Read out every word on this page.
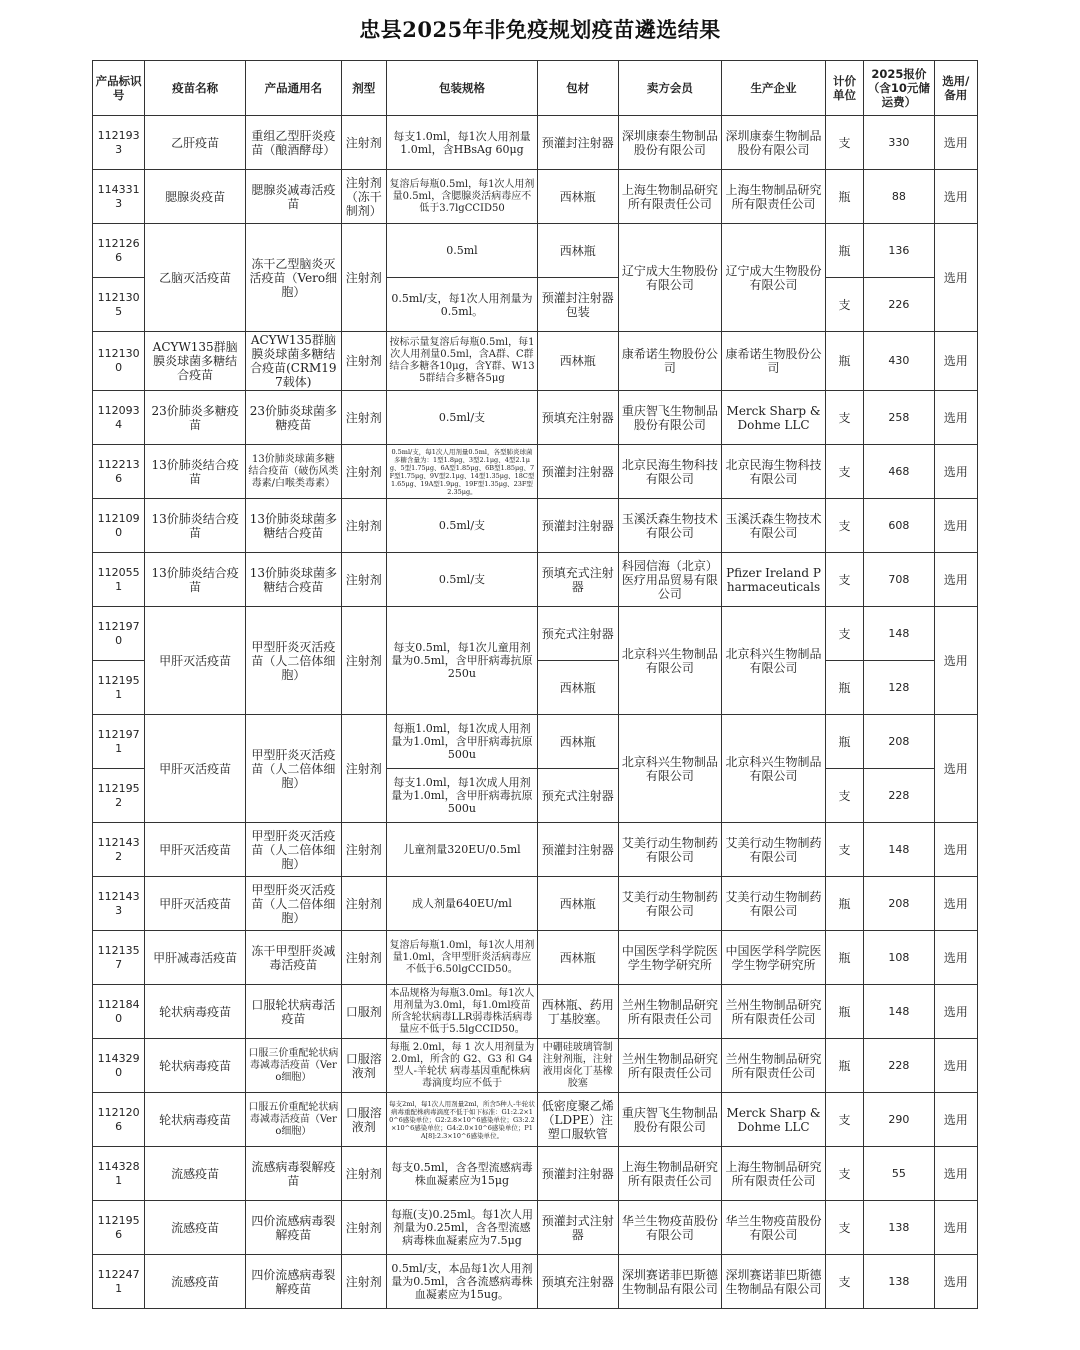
忠县2025年非免疫规划疫苗遴选结果
产品标识号	疫苗名称	产品通用名	剂型	包装规格	包材	卖方会员	生产企业	计价单位	2025报价（含10元储运费）	选用/备用
1121933	乙肝疫苗	重组乙型肝炎疫苗（酿酒酵母）	注射剂	每支1.0ml，每1次人用剂量1.0ml，含HBsAg 60μg	预灌封注射器	深圳康泰生物制品股份有限公司	深圳康泰生物制品股份有限公司	支	330	选用
1143313	腮腺炎疫苗	腮腺炎减毒活疫苗	注射剂（冻干制剂）	复溶后每瓶0.5ml，每1次人用剂量0.5ml，含腮腺炎活病毒应不低于3.7lgCCID50	西林瓶	上海生物制品研究所有限责任公司	上海生物制品研究所有限责任公司	瓶	88	选用
1121266	乙脑灭活疫苗	冻干乙型脑炎灭活疫苗（Vero细胞）	注射剂	0.5ml	西林瓶	辽宁成大生物股份有限公司	辽宁成大生物股份有限公司	瓶	136	选用
1121305				0.5ml/支，每1次人用剂量为0.5ml。	预灌封注射器包装			支	226	
1121300	ACYW135群脑膜炎球菌多糖结合疫苗	ACYW135群脑膜炎球菌多糖结合疫苗(CRM197载体)	注射剂	按标示量复溶后每瓶0.5ml，每1次人用剂量0.5ml，含A群、C群结合多糖各10μg，含Y群、W135群结合多糖各5μg	西林瓶	康希诺生物股份公司	康希诺生物股份公司	瓶	430	选用
1120934	23价肺炎多糖疫苗	23价肺炎球菌多糖疫苗	注射剂	0.5ml/支	预填充注射器	重庆智飞生物制品股份有限公司	Merck Sharp & Dohme LLC	支	258	选用
1122136	13价肺炎结合疫苗	13价肺炎球菌多糖结合疫苗（破伤风类毒素/白喉类毒素）	注射剂	0.5ml/支，每1次人用剂量0.5ml，各型肺炎球菌多糖含量为：1型1.8μg、3型2.1μg、4型2.1μg、5型1.75μg、6A型1.85μg、6B型1.85μg、7F型1.75μg、9V型2.1μg、14型1.35μg、18C型1.65μg、19A型1.9μg、19F型1.35μg、23F型2.35μg。	预灌封注射器	北京民海生物科技有限公司	北京民海生物科技有限公司	支	468	选用
1121090	13价肺炎结合疫苗	13价肺炎球菌多糖结合疫苗	注射剂	0.5ml/支	预灌封注射器	玉溪沃森生物技术有限公司	玉溪沃森生物技术有限公司	支	608	选用
1120551	13价肺炎结合疫苗	13价肺炎球菌多糖结合疫苗	注射剂	0.5ml/支	预填充式注射器	科园信海（北京）医疗用品贸易有限公司	Pfizer Ireland Pharmaceuticals	支	708	选用
1121970	甲肝灭活疫苗	甲型肝炎灭活疫苗（人二倍体细胞）	注射剂	每支0.5ml，每1次儿童用剂量为0.5ml，含甲肝病毒抗原250u	预充式注射器	北京科兴生物制品有限公司	北京科兴生物制品有限公司	支	148	选用
1121951					西林瓶			瓶	128	
1121971	甲肝灭活疫苗	甲型肝炎灭活疫苗（人二倍体细胞）	注射剂	每瓶1.0ml，每1次成人用剂量为1.0ml，含甲肝病毒抗原500u	西林瓶	北京科兴生物制品有限公司	北京科兴生物制品有限公司	瓶	208	选用
1121952				每支1.0ml，每1次成人用剂量为1.0ml，含甲肝病毒抗原500u	预充式注射器			支	228	
1121432	甲肝灭活疫苗	甲型肝炎灭活疫苗（人二倍体细胞）	注射剂	儿童剂量320EU/0.5ml	预灌封注射器	艾美行动生物制药有限公司	艾美行动生物制药有限公司	支	148	选用
1121433	甲肝灭活疫苗	甲型肝炎灭活疫苗（人二倍体细胞）	注射剂	成人剂量640EU/ml	西林瓶	艾美行动生物制药有限公司	艾美行动生物制药有限公司	瓶	208	选用
1121357	甲肝减毒活疫苗	冻干甲型肝炎减毒活疫苗	注射剂	复溶后每瓶1.0ml，每1次人用剂量1.0ml，含甲型肝炎活病毒应不低于6.50lgCCID50。	西林瓶	中国医学科学院医学生物学研究所	中国医学科学院医学生物学研究所	瓶	108	选用
1121840	轮状病毒疫苗	口服轮状病毒活疫苗	口服剂	本品规格为每瓶3.0ml。每1次人用剂量为3.0ml，每1.0ml疫苗所含轮状病毒LLR弱毒株活病毒量应不低于5.5lgCCID50。	西林瓶、药用丁基胶塞。	兰州生物制品研究所有限责任公司	兰州生物制品研究所有限责任公司	瓶	148	选用
1143290	轮状病毒疫苗	口服三价重配轮状病毒减毒活疫苗（Vero细胞）	口服溶液剂	每瓶 2.0ml，每 1 次人用剂量为 2.0ml，所含的 G2、G3 和 G4 型人-羊轮状 病毒基因重配株病毒滴度均应不低于	中硼硅玻璃管制注射剂瓶，注射液用卤化丁基橡胶塞	兰州生物制品研究所有限责任公司	兰州生物制品研究所有限责任公司	瓶	228	选用
1121206	轮状病毒疫苗	口服五价重配轮状病毒减毒活疫苗（Vero细胞）	口服溶液剂	每支2ml，每1次人用剂量2ml，所含5种人-牛轮状病毒重配株病毒滴度不低于如下标准：G1:2.2×10^6感染单位；G2:2.8×10^6感染单位；G3:2.2×10^6感染单位；G4:2.0×10^6感染单位；P1A[8]:2.3×10^6感染单位。	低密度聚乙烯（LDPE）注塑口服软管	重庆智飞生物制品股份有限公司	Merck Sharp & Dohme LLC	支	290	选用
1143281	流感疫苗	流感病毒裂解疫苗	注射剂	每支0.5ml，含各型流感病毒株血凝素应为15μg	预灌封注射器	上海生物制品研究所有限责任公司	上海生物制品研究所有限责任公司	支	55	选用
1121956	流感疫苗	四价流感病毒裂解疫苗	注射剂	每瓶(支)0.25ml。每1次人用剂量为0.25ml，含各型流感病毒株血凝素应为7.5μg	预灌封式注射器	华兰生物疫苗股份有限公司	华兰生物疫苗股份有限公司	支	138	选用
1122471	流感疫苗	四价流感病毒裂解疫苗	注射剂	0.5ml/支，本品每1次人用剂量为0.5ml，含各流感病毒株血凝素应为15ug。	预填充注射器	深圳赛诺菲巴斯德生物制品有限公司	深圳赛诺菲巴斯德生物制品有限公司	支	138	选用
